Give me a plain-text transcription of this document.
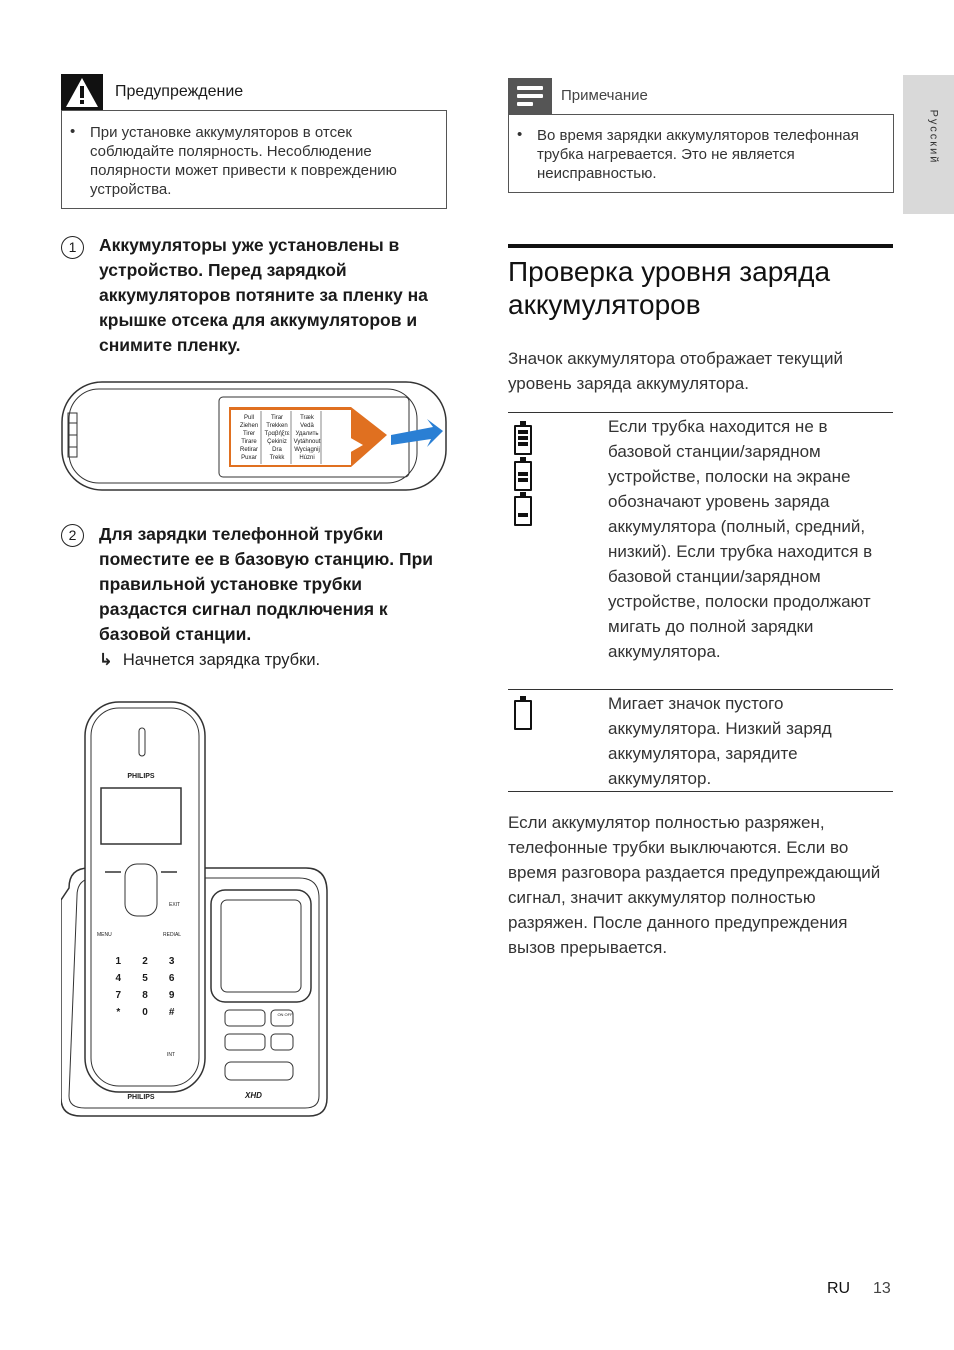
Предупреждение
• При установке аккумуляторов в отсек соблюдайте полярность. Несоблюдение полярности может привести к повреждению устройства.
Примечание
• Во время зарядки аккумуляторов телефонная трубка нагревается. Это не является неисправностью.
Русский
1	Аккумуляторы уже установлены в устройство. Перед зарядкой аккумуляторов потяните за пленку на крышке отсека для аккумуляторов и снимите пленку.
Pull
Ziehen
Tirer
Tirare
Retirar
Puxar
Tirar
Trekken
Τραβήξτε
Çekiniz
Dra
Trekk
Træk
Vedä
Удалить
Vytáhnout
Wyciągnij
Húzni
2	Для зарядки телефонной трубки поместите ее в базовую станцию. При правильной установке трубки раздастся сигнал подключения к базовой станции.
↳ Начнется зарядка трубки.
PHILIPS
MENU	REDIAL
EXIT
INT
ON OFF
1	2	3
4	5	6
7	8	9
*	0	#
PHILIPS	XHD
Проверка уровня заряда аккумуляторов
Значок аккумулятора отображает текущий уровень заряда аккумулятора.
Если трубка находится не в базовой станции/зарядном устройстве, полоски на экране обозначают уровень заряда аккумулятора (полный, средний, низкий). Если трубка находится в базовой станции/зарядном устройстве, полоски продолжают мигать до полной зарядки аккумулятора.
Мигает значок пустого аккумулятора. Низкий заряд аккумулятора, зарядите аккумулятор.
Если аккумулятор полностью разряжен, телефонные трубки выключаются. Если во время разговора раздается предупреждающий сигнал, значит аккумулятор полностью разряжен. После данного предупреждения вызов прерывается.
RU 13
